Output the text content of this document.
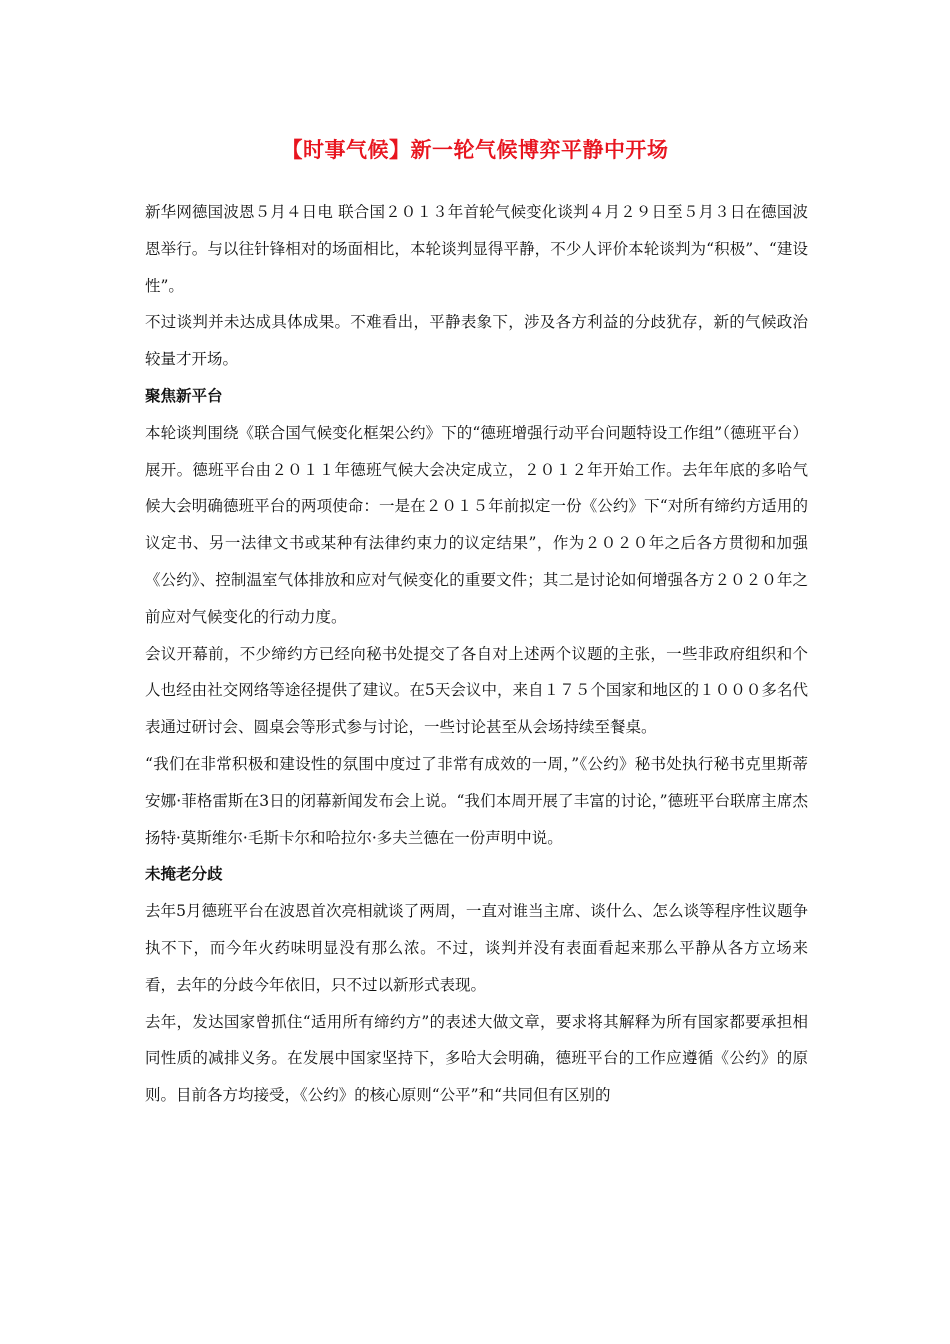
【时事气候】新一轮气候博弈平静中开场

新华网德国波恩５月４日电 联合国２０１３年首轮气候变化谈判４月２９日至５月３日在德国波恩举行。与以往针锋相对的场面相比，本轮谈判显得平静，不少人评价本轮谈判为“积极”、“建设性”。

不过谈判并未达成具体成果。不难看出，平静表象下，涉及各方利益的分歧犹存，新的气候政治较量才开场。

聚焦新平台

本轮谈判围绕《联合国气候变化框架公约》下的“德班增强行动平台问题特设工作组”（德班平台）展开。德班平台由２０１１年德班气候大会决定成立，２０１２年开始工作。去年年底的多哈气候大会明确德班平台的两项使命：一是在２０１５年前拟定一份《公约》下“对所有缔约方适用的议定书、另一法律文书或某种有法律约束力的议定结果”，作为２０２０年之后各方贯彻和加强《公约》、控制温室气体排放和应对气候变化的重要文件；其二是讨论如何增强各方２０２０年之前应对气候变化的行动力度。

会议开幕前，不少缔约方已经向秘书处提交了各自对上述两个议题的主张，一些非政府组织和个人也经由社交网络等途径提供了建议。在5天会议中，来自１７５个国家和地区的１０００多名代表通过研讨会、圆桌会等形式参与讨论，一些讨论甚至从会场持续至餐桌。

“我们在非常积极和建设性的氛围中度过了非常有成效的一周，”《公约》秘书处执行秘书克里斯蒂安娜·菲格雷斯在3日的闭幕新闻发布会上说。“我们本周开展了丰富的讨论，”德班平台联席主席杰扬特·莫斯维尔·毛斯卡尔和哈拉尔·多夫兰德在一份声明中说。

未掩老分歧

去年5月德班平台在波恩首次亮相就谈了两周，一直对谁当主席、谈什么、怎么谈等程序性议题争执不下，而今年火药味明显没有那么浓。不过，谈判并没有表面看起来那么平静从各方立场来看，去年的分歧今年依旧，只不过以新形式表现。

去年，发达国家曾抓住“适用所有缔约方”的表述大做文章，要求将其解释为所有国家都要承担相同性质的减排义务。在发展中国家坚持下，多哈大会明确，德班平台的工作应遵循《公约》的原则。目前各方均接受，《公约》的核心原则“公平”和“共同但有区别的
